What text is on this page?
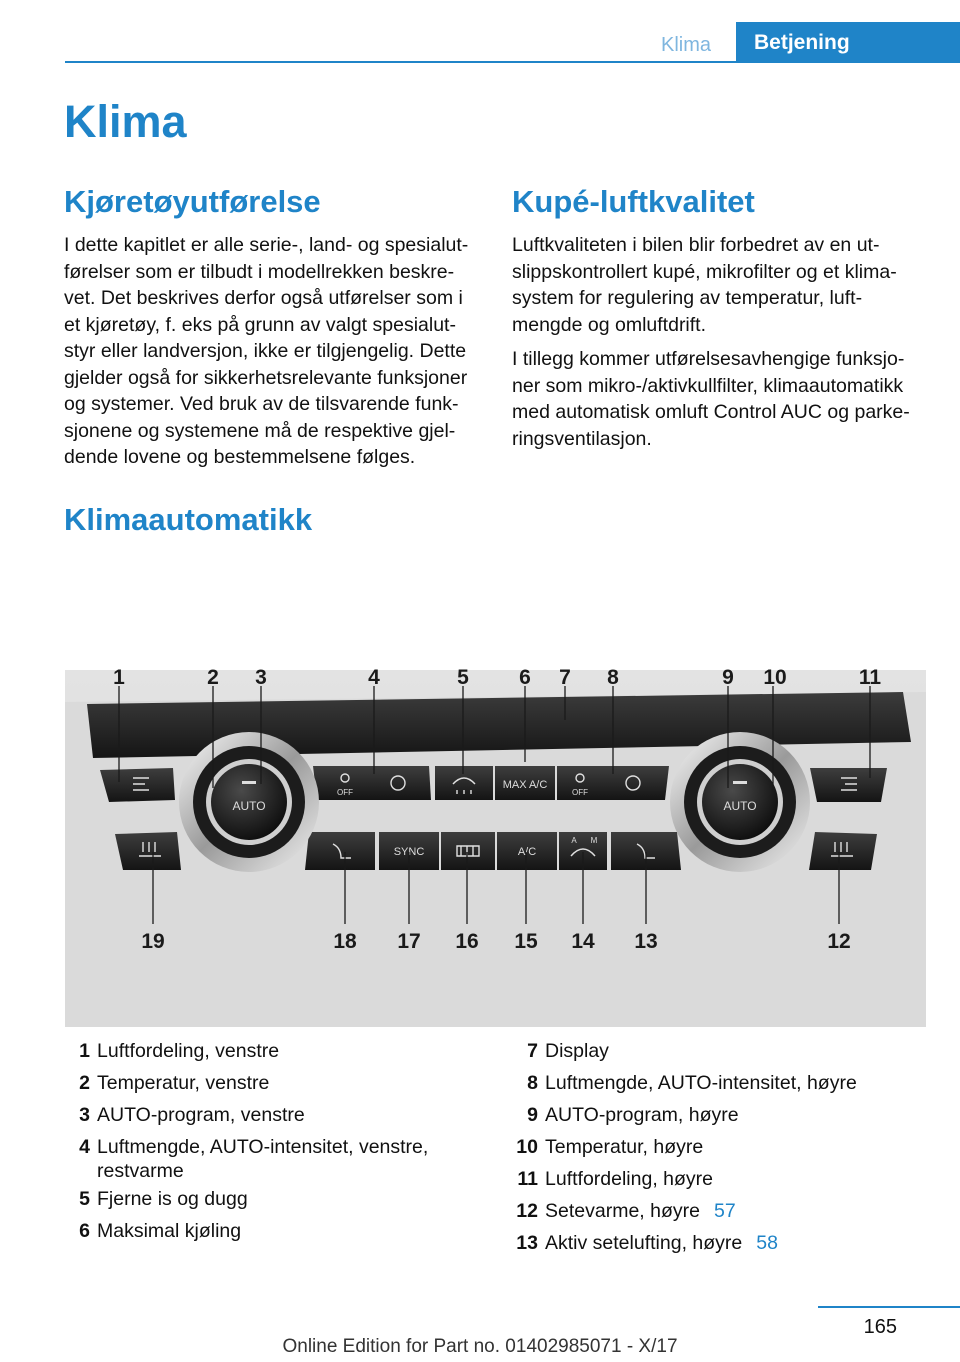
Klima	Betjening
Klima
Kjøretøyutførelse
I dette kapitlet er alle serie-, land- og spesialut-
førelser som er tilbudt i modellrekken beskre-
vet. Det beskrives derfor også utførelser som i
et kjøretøy, f. eks på grunn av valgt spesialut-
styr eller landversjon, ikke er tilgjengelig. Dette
gjelder også for sikkerhetsrelevante funksjoner
og systemer. Ved bruk av de tilsvarende funk-
sjonene og systemene må de respektive gjel-
dende lovene og bestemmelsene følges.
Kupé-luftkvalitet
Luftkvaliteten i bilen blir forbedret av en ut-
slippskontrollert kupé, mikrofilter og et klima-
system for regulering av temperatur, luft-
mengde og omluftdrift.
I tillegg kommer utførelsesavhengige funksjo-
ner som mikro-/aktivkullfilter, klimaautomatikk
med automatisk omluft Control AUC og parke-
ringsventilasjon.
Klimaautomatikk
OFF	OFF
MAX A/C
SYNC	A/C
A M
AUTO	AUTO
1	2 3	4	5 6 7 8	9 10	11
19	18 17 16 15 14 13	12
1 Luftfordeling, venstre
2 Temperatur, venstre
3 AUTO-program, venstre
4 Luftmengde, AUTO-intensitet, venstre,
restvarme
5 Fjerne is og dugg
6 Maksimal kjøling
7 Display
8 Luftmengde, AUTO-intensitet, høyre
9 AUTO-program, høyre
10 Temperatur, høyre
11 Luftfordeling, høyre
12 Setevarme, høyre 57
13 Aktiv setelufting, høyre 58
165
Online Edition for Part no. 01402985071 - X/17
